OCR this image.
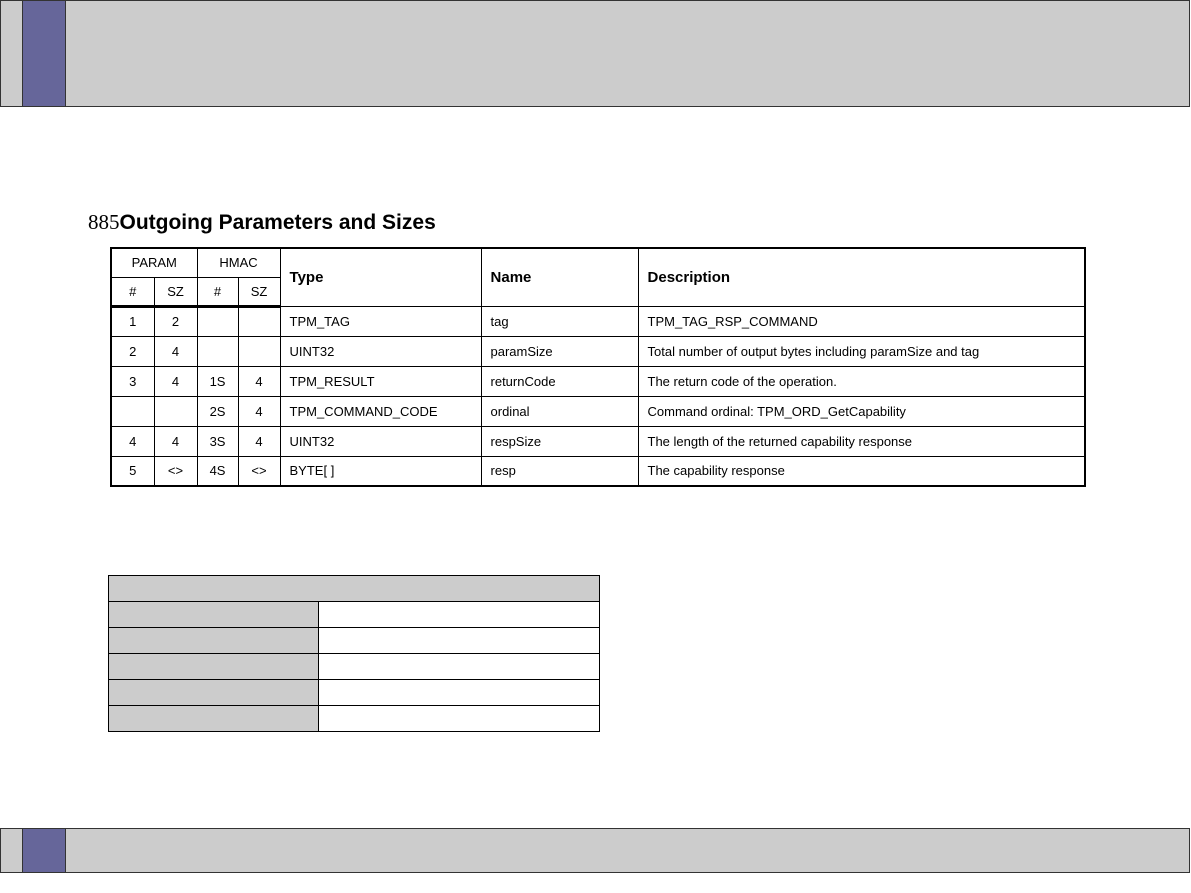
885Outgoing Parameters and Sizes
PARAM		HMAC		Type	Name	Description
#	SZ	#	SZ			
1	2			TPM_TAG	tag	TPM_TAG_RSP_COMMAND
2	4			UINT32	paramSize	Total number of output bytes including paramSize and tag
3	4	1S	4	TPM_RESULT	returnCode	The return code of the operation.
		2S	4	TPM_COMMAND_CODE	ordinal	Command ordinal: TPM_ORD_GetCapability
4	4	3S	4	UINT32	respSize	The length of the returned capability response
5	<>	4S	<>	BYTE[ ]	resp	The capability response
